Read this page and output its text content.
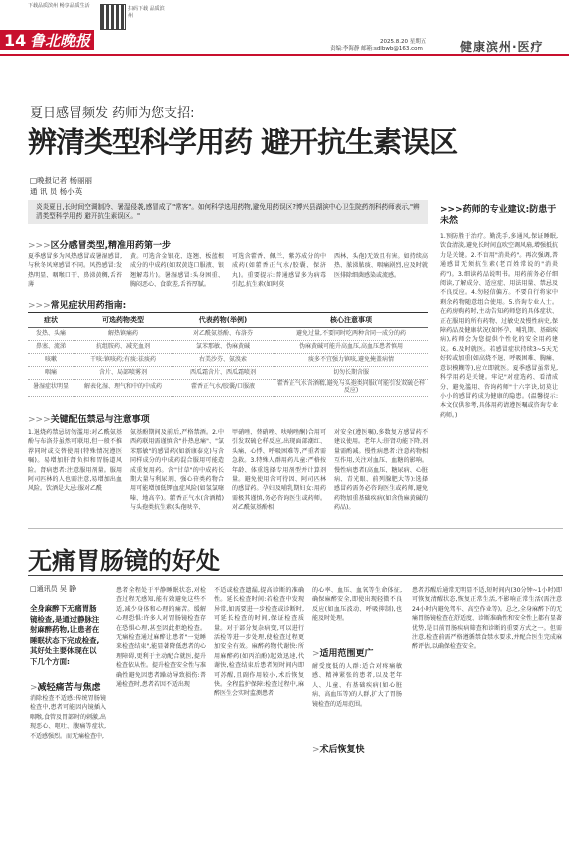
下载品质滨州 畅享品质生活
14 鲁北晚报
扫码下载 品质滨州
2025.8.20 星期五
责编:李海静 邮箱:sdlbwb@163.com	健康滨州·医疗
夏日感冒频发 药师为您支招:
辨清类型科学用药 避开抗生素误区
□晚报记者 杨丽丽
通 讯 员 杨小英
炎炎夏日,长时间空调制冷、暑湿侵袭,感冒成了"常客"。如何科学选用药物,避免用药误区?博兴县湖滨中心卫生院药剂科药师表示,"辨清类型科学用药 避开抗生素误区。"
>>>区分感冒类型,精准用药第一步
夏季感冒多为风热感冒或暑湿感冒,与秋冬风寒感冒不同。风热感冒:发热明显、咽喉口干、鼻涕黄稠,舌苔薄
黄。可选含金银花、连翘、板蓝根成分的中成药(如双黄连口服液、银翘解毒片)。暑湿感冒:头身困重、胸闷恶心、食欲差,舌苔厚腻。
可选含藿香、佩兰、紫苏成分的中成药(如藿香正气水/胶囊、保济丸)。重要提示:普通感冒多为病毒引起,抗生素(如阿莫
西林、头孢)无效且有害。如持续高热、脓涕脓痰、咽痛剧烈,应及时就医排除细菌感染或流感。
>>>常见症状用药指南:
症状	可选药物类型	代表药物(举例)	核心注意事项
发热、头痛	解热镇痛药	对乙酰氨基酚、布洛芬	避免过量,不要同时吃两种含同一成分的药
鼻塞、流涕	抗组胺药、减充血剂	氯苯那敏、伪麻黄碱	伪麻黄碱可能升高血压,高血压患者慎用
咳嗽	干咳:镇咳药;有痰:祛痰药	右美沙芬、氨溴索	痰多不宜强力镇咳,避免掩盖病情
咽痛	含片、局部喷雾剂	西瓜霜含片、西瓜霜喷剂	切勿长期含服
暑湿症状明显	解表化湿、理气和中的中成药	藿香正气水/胶囊/口服液	藿香正气水含酒精,避免与头孢类同服(可能引发双硫仑样反应)
>>>关键配伍禁忌与注意事项
1.退烧药禁忌切勿滥用:对乙酰氨基酚与布洛芬虽然可联用,但一般不推荐同时或交替使用(特殊情况遵医嘱)。易增加肝肾负担和胃肠道风险。肾病患者:注意服用剂量。服用阿司匹林的人也需注意,易增加出血风险。饮酒是大忌:服对乙酰
氨基酚期间及前后,严格禁酒。2.中西药联用需谨慎含"扑热息痛"、"氯苯那敏"的感冒药(如新康泰克)与含同样成分的中成药混合服用可能造成重复用药。含"甘草"的中成药长期大量与利尿剂、强心苷类药物合用可能增加低钾血症风险(如氢氯噻嗪、地高辛)。藿香正气水(含酒精)与头孢类抗生素(头孢呋辛、
甲硝唑、替硝唑、呋喃唑酮)合用可引发双硫仑样反应,出现面部潮红、头痛、心悸、呼吸困难等,严重者需急救。3.特殊人群用药儿童:严格按年龄、体重选择专用剂型并计算剂量。避免使用含可待因、阿司匹林的感冒药。孕妇及哺乳期妇女:用药需极其谨慎,务必咨询医生或药师。对乙酰氨基酚相
对安全(遵医嘱),多数复方感冒药不建议使用。老年人:肝肾功能下降,剂量需酌减。慢性病患者:注意药物相互作用,关注对血压、血糖的影响。慢性病患者(高血压、糖尿病、心脏病、青光眼、前列腺肥大等):选择感冒药需务必咨询医生或药师,避免药物加重基础疾病(如含伪麻黄碱的药品)。
>>>药师的专业建议:防患于未然
1.预防胜于治疗。勤洗手,多通风,保证睡眠,饮食清淡,避免长时间直吹空调风扇,增强抵抗力是关键。2.不盲用"消炎药"。再次强调,普通感冒无须抗生素(老百姓常说的"消炎药")。3.细读药品说明书。用药前务必仔细阅读,了解成分、适应症、用法用量、禁忌及不良反应。4.勿轻信偏方。不要自行将家中剩余药物随意组合使用。5.咨询专业人士。在药房购药时,主动告知药师您的具体症状、正在服用的所有药物、过敏史及慢性病史,保障药品及健康状况(如怀孕、哺乳期、基础疾病),药师会为您提供个性化的安全用药建议。6.及时就医。若感冒症状持续3~5天无好转或加重(如高烧不退、呼吸困难、胸痛、意识模糊等),应立即就医。夏季感冒虽常见,科学用药是关键。牢记"对症选药、看清成分、避免滥用、咨询药师"十六字诀,切莫让小小的感冒药成为健康的隐患。(温馨提示:本文仅供参考,具体用药请遵医嘱或咨询专业药师。)
无痛胃肠镜的好处
□通讯员 吴 静
全身麻醉下无痛胃肠镜检查,是通过静脉注射麻醉药物,让患者在睡眠状态下完成检查,其好处主要体现在以下几个方面:
>减轻痛苦与焦虑
消除检查不适感:传统胃肠镜检查中,患者可能因内镜插入咽喉,食管及胃部时的刺激,出现恶心、呕吐、腹痛等症状,不适感强烈。而无痛检查中,
患者全程处于平静睡眠状态,对检查过程无感知,能有效避免这些不适,减少身体和心理的痛苦。缓解心理恐惧:许多人对胃肠镜检查存在恐惧心理,甚至因此拒绝检查。无痛检查通过麻醉让患者"一觉睡来检查结束",能显著降低患者的心理障碍,更利于主动配合就医,提升检查依从性。提升检查安全性与准确性避免因患者躁动导致损伤:普通检查时,患者若因不适出现
不适或检查遗漏,提高诊断的准确性。延长检查时间:若检查中发现异常,如需要进一步检查或诊断时,可延长检查的时间,保证检查质量。对于部分复杂病变,可以进行活检等进一步处理,使检查过程更加安全有效。麻醉药物代谢快:所用麻醉药(如丙泊酚)起效迅速,代谢快,检查结束后患者短时间内即可苏醒,且副作用较小,术后恢复快。全程监护保障:检查过程中,麻醉医生会实时监测患者
的心率、血压、血氧等生命体征,确保麻醉安全,即使出现轻微不良反应(如血压波动、呼吸抑制),也能及时处理。
>适用范围更广
耐受度低的人群:适合对疼痛敏感、精神紧张的患者,以及老年人、儿童、有基础疾病(如心脏病、高血压等)的人群,扩大了胃肠镜检查的适用范围。
>术后恢复快
患者苏醒后通常无明显不适,短时间内(30分钟~1小时)即可恢复清醒状态,恢复正常生活,不影响正常生活(需注意24小时内避免驾车、高空作业等)。总之,全身麻醉下的无痛胃肠镜检查在舒适度、诊断准确性和安全性上都有显著优势,是目前胃肠疾病筛查和诊断的重要方式之一。但需注意,检查前需严格遵循禁食禁水要求,并配合医生完成麻醉评估,以确保检查安全。
